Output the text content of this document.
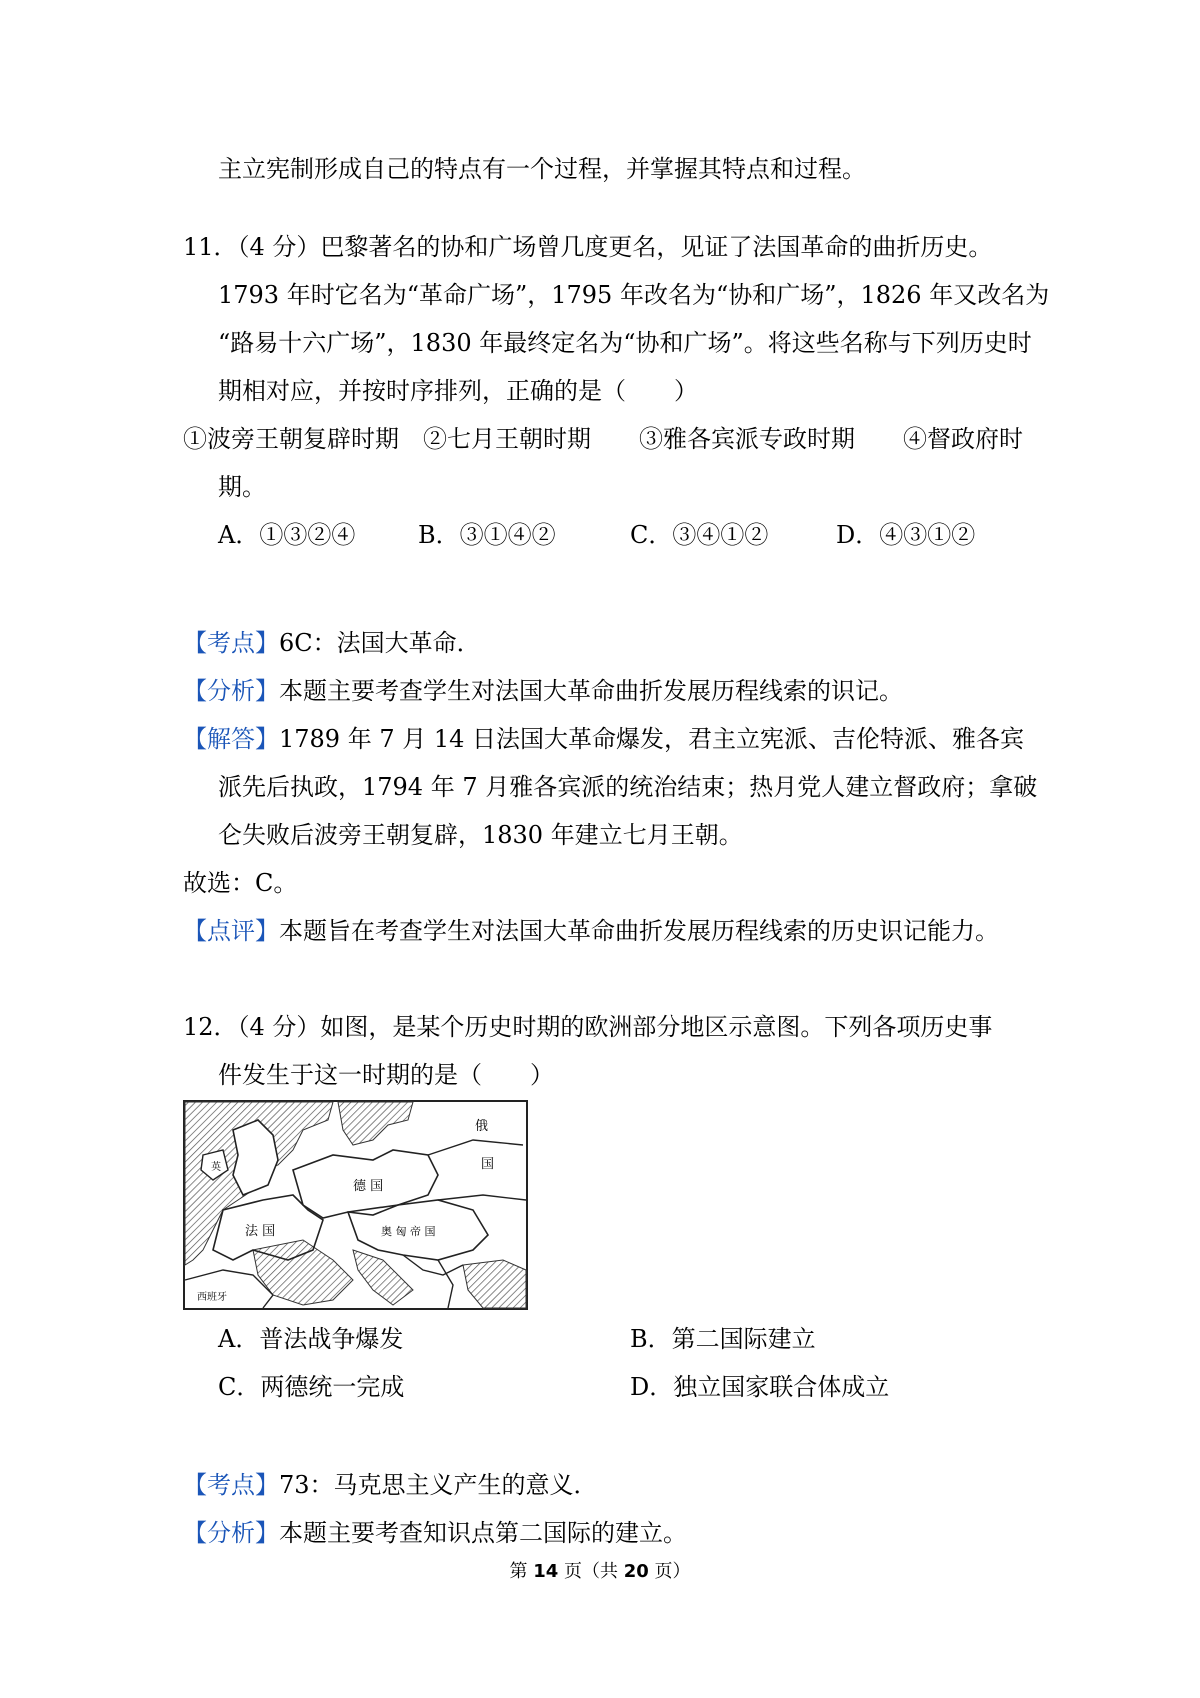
主立宪制形成自己的特点有一个过程，并掌握其特点和过程。
11．（4 分）巴黎著名的协和广场曾几度更名，见证了法国革命的曲折历史。
1793 年时它名为“革命广场”，1795 年改名为“协和广场”，1826 年又改名为
“路易十六广场”，1830 年最终定名为“协和广场”。将这些名称与下列历史时
期相对应，并按时序排列，正确的是（　　）
①波旁王朝复辟时期　②七月王朝时期　　③雅各宾派专政时期　　④督政府时
期。
A．①③②④	B．③①④②	C．③④①②	D．④③①②
【考点】6C：法国大革命．
【分析】本题主要考查学生对法国大革命曲折发展历程线索的识记。
【解答】1789 年 7 月 14 日法国大革命爆发，君主立宪派、吉伦特派、雅各宾
派先后执政，1794 年 7 月雅各宾派的统治结束；热月党人建立督政府；拿破
仑失败后波旁王朝复辟，1830 年建立七月王朝。
故选：C。
【点评】本题旨在考查学生对法国大革命曲折发展历程线索的历史识记能力。
12．（4 分）如图，是某个历史时期的欧洲部分地区示意图。下列各项历史事
件发生于这一时期的是（　　）
俄
国
德 国
法 国	奥 匈 帝 国
西班牙
英
A．普法战争爆发	B．第二国际建立
C．两德统一完成	D．独立国家联合体成立
【考点】73：马克思主义产生的意义．
【分析】本题主要考查知识点第二国际的建立。
第 14 页（共 20 页）
